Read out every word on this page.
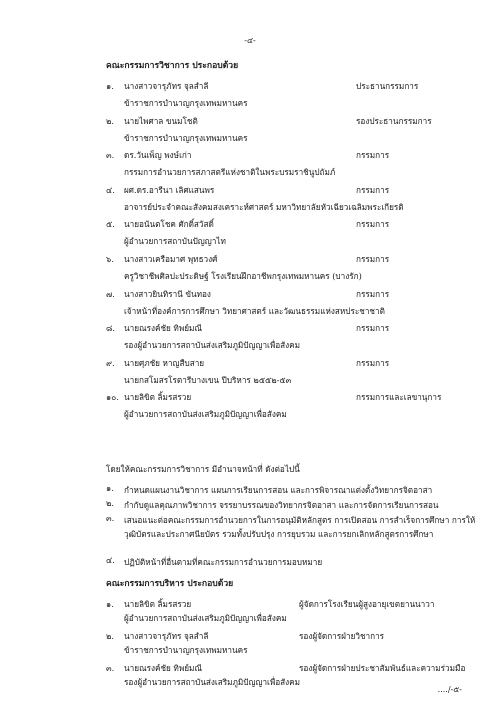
-๔-
คณะกรรมการวิชาการ ประกอบด้วย
๑. นางสาวจารุภัทร จุลสำลี	ประธานกรรมการ
ข้าราชการบำนาญกรุงเทพมหานคร
๒. นายไพศาล ขนมโชติ	รองประธานกรรมการ
ข้าราชการบำนาญกรุงเทพมหานคร
๓. ดร.วันเพ็ญ พงษ์เก่า	กรรมการ
กรรมการอำนวยการสภาสตรีแห่งชาติในพระบรมราชินูปถัมภ์
๔. ผศ.ดร.อารีนา เลิศแสนพร	กรรมการ
อาจารย์ประจำคณะสังคมสงเคราะห์ศาสตร์ มหาวิทยาลัยหัวเฉียวเฉลิมพระเกียรติ
๕. นายอนันตโชค ศักดิ์สวัสดิ์	กรรมการ
ผู้อำนวยการสถาบันปัญญาไท
๖. นางสาวเครือมาศ พุทธวงศ์	กรรมการ
ครูวิชาชีพศิลปะประดิษฐ์ โรงเรียนฝึกอาชีพกรุงเทพมหานคร (บางรัก)
๗. นางสาวยินทิรานี ขันทอง	กรรมการ
เจ้าหน้าที่องค์การการศึกษา วิทยาศาสตร์ และวัฒนธรรมแห่งสหประชาชาติ
๘. นายณรงค์ชัย ทิพย์มณี	กรรมการ
รองผู้อำนวยการสถาบันส่งเสริมภูมิปัญญาเพื่อสังคม
๙. นายศุภชัย หาญสืบสาย	กรรมการ
นายกสโมสรโรตารีบางเขน ปีบริหาร ๒๕๕๒-๕๓
๑๐. นายลิขิต ลิ้มรสรวย	กรรมการและเลขานุการ
ผู้อำนวยการสถาบันส่งเสริมภูมิปัญญาเพื่อสังคม
โดยให้คณะกรรมการวิชาการ มีอำนาจหน้าที่ ดังต่อไปนี้
๑. กำหนดแผนงานวิชาการ แผนการเรียนการสอน และการพิจารณาแต่งตั้งวิทยากรจิตอาสา
๒. กำกับดูแลคุณภาพวิชาการ จรรยาบรรณของวิทยากรจิตอาสา และการจัดการเรียนการสอน
๓. เสนอแนะต่อคณะกรรมการอำนวยการในการอนุมัติหลักสูตร การเปิดสอน การสำเร็จการศึกษา การให้วุฒิบัตรและประกาศนียบัตร รวมทั้งปรับปรุง การยุบรวม และการยกเลิกหลักสูตรการศึกษา
๔. ปฏิบัติหน้าที่อื่นตามที่คณะกรรมการอำนวยการมอบหมาย
คณะกรรมการบริหาร ประกอบด้วย
๑. นายลิขิต ลิ้มรสรวย	ผู้จัดการโรงเรียนผู้สูงอายุเขตยานนาวา
ผู้อำนวยการสถาบันส่งเสริมภูมิปัญญาเพื่อสังคม
๒. นางสาวจารุภัทร จุลสำลี	รองผู้จัดการฝ่ายวิชาการ
ข้าราชการบำนาญกรุงเทพมหานคร
๓. นายณรงค์ชัย ทิพย์มณี	รองผู้จัดการฝ่ายประชาสัมพันธ์และความร่วมมือ
รองผู้อำนวยการสถาบันส่งเสริมภูมิปัญญาเพื่อสังคม
..../-๕-
